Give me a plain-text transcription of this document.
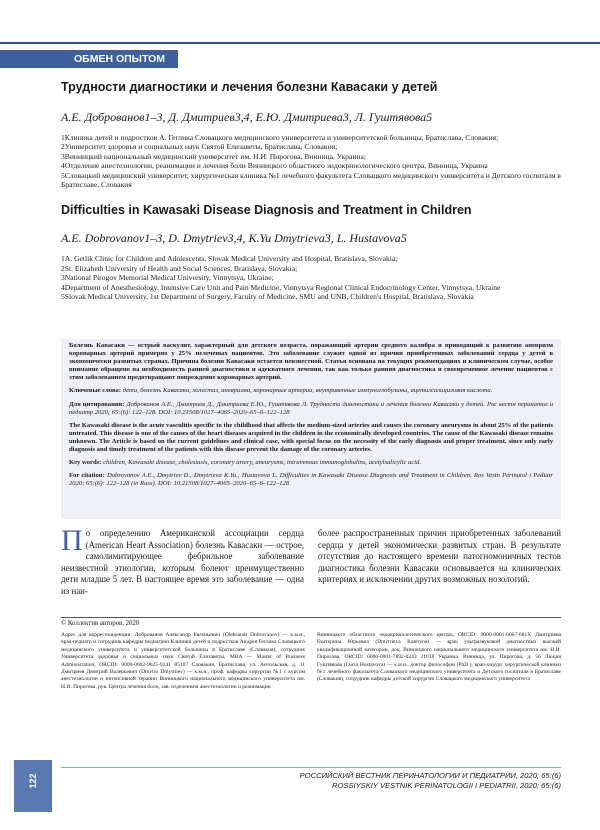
ОБМЕН ОПЫТОМ
Трудности диагностики и лечения болезни Кавасаки у детей

А.Е. Доброванов1–3, Д. Дмитриев3,4, Е.Ю. Дмитриева3, Л. Гуштявова5

1Клиника детей и подростков А. Геглика Словацкого медицинского университета и университетской больницы, Братислава, Словакия;

2Университет здоровья и социальных наук Святой Елизаветы, Братислава, Словакия;

3Винницкий национальный медицинский университет им. Н.И. Пирогова, Винница, Украина;

4Отделение анестезиологии, реанимации и лечения боли Винницкого областного эндокринологического центра, Винница, Украина

5Словацкий медицинский университет, хирургическая клиника №1 лечебного факультета Словацкого медицинского университета и Детского госпиталя в Братиславе, Словакия

Difficulties in Kawasaki Disease Diagnosis and Treatment in Children

A.E. Dobrovanov1–3, D. Dmytriev3,4, K.Yu Dmytrieva3, L. Hustavova5

1A. Getlik Clinic for Children and Adolescents, Slovak Medical University and Hospital, Bratislava, Slovakia;

2St. Elizabeth University of Health and Social Sciences, Bratislava, Slovakia;

3National Pirogov Memorial Medical University, Vinnytsya, Ukraine;

4Department of Anesthesiology, Intensive Care Unit and Pain Medicine, Vinnytsya Regional Clinical Endocrinology Center, Vinnytsya, Ukraine

5Slovak Medical University, 1st Department of Surgery, Faculty of Medicine, SMU and UNB, Children's Hospital, Bratislava, Slovakia

Болезнь Кавасаки — острый васкулит, характерный для детского возраста, поражающий артерии среднего калибра и приводящий к развитию аневризм коронарных артерий примерно у 25% нелеченых пациентов. Это заболевание служит одной из причин приобретенных заболеваний сердца у детей в экономически развитых странах. Причина болезни Кавасаки остается неизвестной. Статья основана на текущих рекомендациях и клиническом случае, особое внимание обращено на необходимость ранней диагностики и адекватного лечения, так как только ранняя диагностика и своевременное лечение пациентов с этим заболеванием предотвращают повреждение коронарных артерий.

Ключевые слова: дети, болезнь Кавасаки, холестаз, аневризма, коронарные артерии, внутривенные иммуноглобулины, ацетилсалициловая кислота.

Для цитирования: Доброванов А.Е., Дмитриев Д., Дмитриева Е.Ю., Гуштявова Л. Трудности диагностики и лечения болезни Кавасаки у детей. Рос вестн перинатол и педиатр 2020; 65:(6): 122–128. DOI: 10.21508/1027–4065–2020–65–6–122–128

The Kawasaki disease is the acute vasculitis specific to the childhood that affects the medium-sized arteries and causes the coronary aneurysms in about 25% of the patients untreated. This disease is one of the causes of the heart diseases acquired in the children in the economically developed countries. The cause of the Kawasaki disease remains unknown. The Article is based on the current guidelines and clinical case, with special focus on the necessity of the early diagnosis and proper treatment, since only early diagnosis and timely treatment of the patients with this disease prevent the damage of the coronary arteries.

Key words: children, Kawasaki disease, cholestasis, coronary artery, aneurysms, intravenous immunoglobulins, acetylsalicylic acid.

For citation: Dobrovanov A.E., Dmytriev D., Dmytrieva K.Yu., Hustavova L. Difficulties in Kawasaki Disease Diagnosis and Treatment in Children. Ros Vestn Perinatol i Pediatr 2020; 65:(6): 122–128 (in Russ). DOI: 10.21508/1027–4065–2020–65–6–122–128

По определению Американской ассоциации сердца (American Heart Association) болезнь Кавасаки — острое, самолимитирующее фебрильное заболевание неизвестной этиологии, которым болеют преимущественно дети младше 5 лет. В настоящее время это заболевание — одна из наи-
более распространенных причин приобретенных заболеваний сердца у детей экономически развитых стран. В результате отсутствия до настоящего времени патогномоничных тестов диагностика болезни Кавасаки основывается на клинических критериях и исключении других возможных нозологий.
© Коллектив авторов, 2020

Адрес для корреспонденции: Доброванов Александр Евгеньевич (Oleksandr Dobrovanov) — к.м.н., врач-педиатр и сотрудник кафедры педиатрии Клиники детей и подростков Андрея Геглика Словацкого медицинского университета и университетской больницы в Братиславе (Словакия), сотрудник Университета здоровья и социальных наук Святой Елизаветы, MBA — Master of Business Administration, ORCID: 0000-0002-9025-9141 85107 Словакия, Братислава, ул. Антольская, д. 11 Дмитриев Дмитрий Валерьевич (Dmytro Dmytriiev) — к.м.н., проф. кафедры хирургии №1 с курсом анестезиологии и интенсивной терапии Винницкого национального медицинского университета им. Н.И. Пирогова, рук. Центра лечения боли, зав. отделением анестезиологии и реанимации

Винницкого областного эндокринологического центра, ORCID: 0000-0001-6067-681X Дмитриева Екатерина Юрьевна (Dmytrieva Kateryna) — врач ультразвуковой диагностики высшей квалификационной категории, доц. Винницкого национального медицинского университета им. Н.И. Пирогова, ORCID: 0000-0001-7892-0243 21018 Украина, Винница, ул. Пирогова, д. 56 Люция Гуштявова (Lucia Hustavova) — к.м.н., доктор философии (PhD.), врач-хирург хирургической клиники №1 лечебного факультета Словацкого медицинского университета и Детского госпиталя в Братиславе (Словакия), сотрудник кафедры детской хирургии Словацкого медицинского университета

РОССИЙСКИЙ ВЕСТНИК ПЕРИНАТОЛОГИИ И ПЕДИАТРИИ, 2020; 65:(6)
ROSSIYSKIY VESTNIK PERINATOLOGII I PEDIATRII, 2020; 65:(6)
122
